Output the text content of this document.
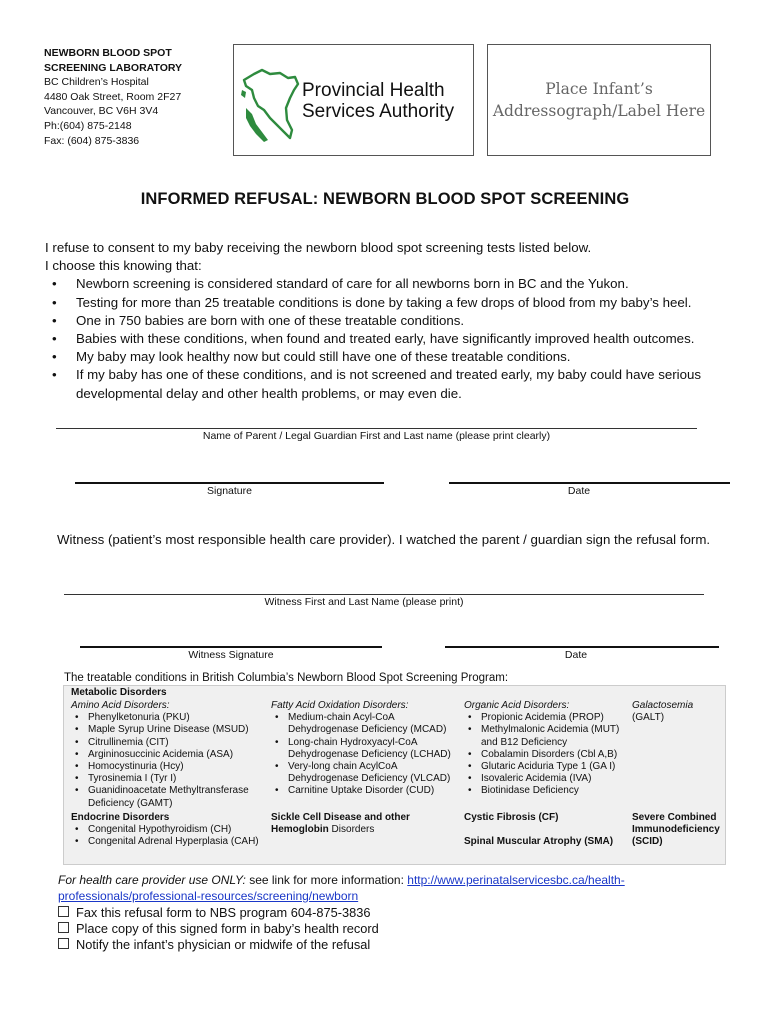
NEWBORN BLOOD SPOT
SCREENING LABORATORY
BC Children’s Hospital
4480 Oak Street, Room 2F27
Vancouver, BC V6H 3V4
Ph:(604) 875-2148
Fax: (604) 875-3836
Provincial Health
Services Authority
Place Infant’s
Addressograph/Label Here
INFORMED REFUSAL: NEWBORN BLOOD SPOT SCREENING
I refuse to consent to my baby receiving the newborn blood spot screening tests listed below.
I choose this knowing that:
• Newborn screening is considered standard of care for all newborns born in BC and the Yukon.
• Testing for more than 25 treatable conditions is done by taking a few drops of blood from my baby’s heel.
• One in 750 babies are born with one of these treatable conditions.
• Babies with these conditions, when found and treated early, have significantly improved health outcomes.
• My baby may look healthy now but could still have one of these treatable conditions.
• If my baby has one of these conditions, and is not screened and treated early, my baby could have serious developmental delay and other health problems, or may even die.
Name of Parent / Legal Guardian First and Last name (please print clearly)
Signature	Date
Witness (patient’s most responsible health care provider). I watched the parent / guardian sign the refusal form.
Witness First and Last Name (please print)
Witness Signature	Date
The treatable conditions in British Columbia’s Newborn Blood Spot Screening Program:
Metabolic Disorders
Amino Acid Disorders:
• Phenylketonuria (PKU)
• Maple Syrup Urine Disease (MSUD)
• Citrullinemia (CIT)
• Argininosuccinic Acidemia (ASA)
• Homocystinuria (Hcy)
• Tyrosinemia I (Tyr I)
• Guanidinoacetate Methyltransferase Deficiency (GAMT)
Fatty Acid Oxidation Disorders:
• Medium-chain Acyl-CoA Dehydrogenase Deficiency (MCAD)
• Long-chain Hydroxyacyl-CoA Dehydrogenase Deficiency (LCHAD)
• Very-long chain AcylCoA Dehydrogenase Deficiency (VLCAD)
• Carnitine Uptake Disorder (CUD)
Organic Acid Disorders:
• Propionic Acidemia (PROP)
• Methylmalonic Acidemia (MUT) and B12 Deficiency
• Cobalamin Disorders (Cbl A,B)
• Glutaric Aciduria Type 1 (GA I)
• Isovaleric Acidemia (IVA)
• Biotinidase Deficiency
Galactosemia
(GALT)
Endocrine Disorders
• Congenital Hypothyroidism (CH)
• Congenital Adrenal Hyperplasia (CAH)
Sickle Cell Disease and other Hemoglobin Disorders
Cystic Fibrosis (CF)
Spinal Muscular Atrophy (SMA)
Severe Combined Immunodeficiency (SCID)
For health care provider use ONLY: see link for more information: http://www.perinatalservicesbc.ca/health-professionals/professional-resources/screening/newborn
Fax this refusal form to NBS program 604-875-3836
Place copy of this signed form in baby’s health record
Notify the infant’s physician or midwife of the refusal
